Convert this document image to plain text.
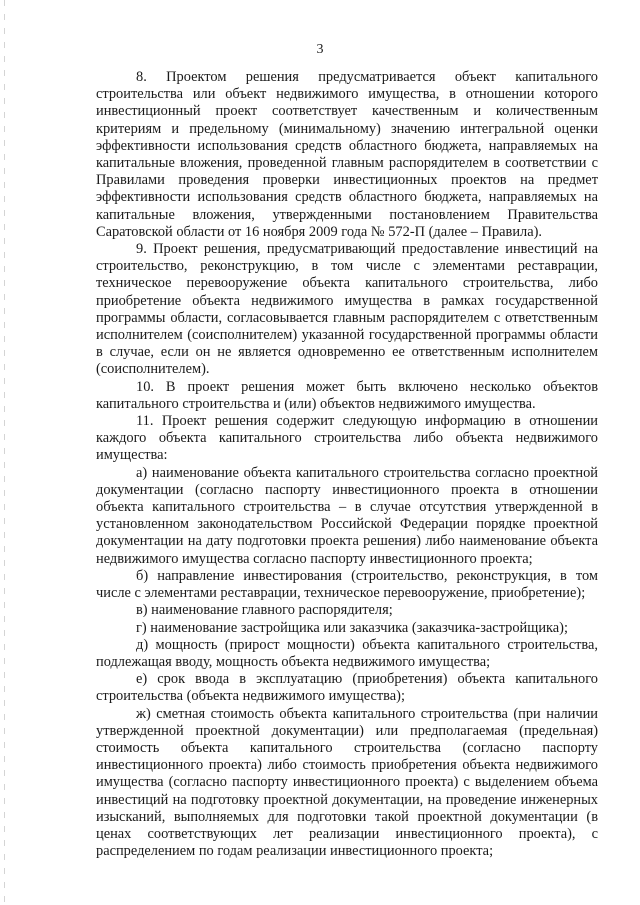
3

8. Проектом решения предусматривается объект капитального строительства или объект недвижимого имущества, в отношении которого инвестиционный проект соответствует качественным и количественным критериям и предельному (минимальному) значению интегральной оценки эффективности использования средств областного бюджета, направляемых на капитальные вложения, проведенной главным распорядителем в соответствии с Правилами проведения проверки инвестиционных проектов на предмет эффективности использования средств областного бюджета, направляемых на капитальные вложения, утвержденными постановлением Правительства Саратовской области от 16 ноября 2009 года № 572-П (далее – Правила).

9. Проект решения, предусматривающий предоставление инвестиций на строительство, реконструкцию, в том числе с элементами реставрации, техническое перевооружение объекта капитального строительства, либо приобретение объекта недвижимого имущества в рамках государственной программы области, согласовывается главным распорядителем с ответственным исполнителем (соисполнителем) указанной государственной программы области в случае, если он не является одновременно ее ответственным исполнителем (соисполнителем).

10. В проект решения может быть включено несколько объектов капитального строительства и (или) объектов недвижимого имущества.

11. Проект решения содержит следующую информацию в отношении каждого объекта капитального строительства либо объекта недвижимого имущества:

а) наименование объекта капитального строительства согласно проектной документации (согласно паспорту инвестиционного проекта в отношении объекта капитального строительства – в случае отсутствия утвержденной в установленном законодательством Российской Федерации порядке проектной документации на дату подготовки проекта решения) либо наименование объекта недвижимого имущества согласно паспорту инвестиционного проекта;

б) направление инвестирования (строительство, реконструкция, в том числе с элементами реставрации, техническое перевооружение, приобретение);

в) наименование главного распорядителя;

г) наименование застройщика или заказчика (заказчика-застройщика);

д) мощность (прирост мощности) объекта капитального строительства, подлежащая вводу, мощность объекта недвижимого имущества;

е) срок ввода в эксплуатацию (приобретения) объекта капитального строительства (объекта недвижимого имущества);

ж) сметная стоимость объекта капитального строительства (при наличии утвержденной проектной документации) или предполагаемая (предельная) стоимость объекта капитального строительства (согласно паспорту инвестиционного проекта) либо стоимость приобретения объекта недвижимого имущества (согласно паспорту инвестиционного проекта) с выделением объема инвестиций на подготовку проектной документации, на проведение инженерных изысканий, выполняемых для подготовки такой проектной документации (в ценах соответствующих лет реализации инвестиционного проекта), с распределением по годам реализации инвестиционного проекта;
